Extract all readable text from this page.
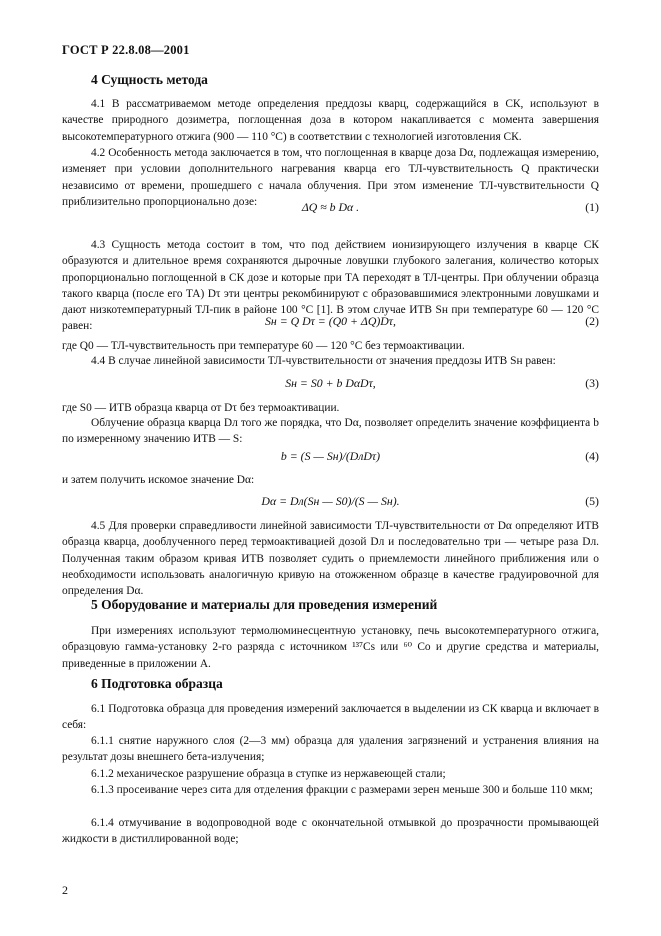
ГОСТ Р 22.8.08—2001
4 Сущность метода
4.1 В рассматриваемом методе определения преддозы кварц, содержащийся в СК, используют в качестве природного дозиметра, поглощенная доза в котором накапливается с момента завершения высокотемпературного отжига (900 — 110 °С) в соответствии с технологией изготовления СК.
4.2 Особенность метода заключается в том, что поглощенная в кварце доза Dα, подлежащая измерению, изменяет при условии дополнительного нагревания кварца его ТЛ-чувствительность Q практически независимо от времени, прошедшего с начала облучения. При этом изменение ТЛ-чувствительности Q приблизительно пропорционально дозе:	ΔQ ≈ b Dα .	(1)
4.3 Сущность метода состоит в том, что под действием ионизирующего излучения в кварце СК образуются и длительное время сохраняются дырочные ловушки глубокого залегания, количество которых пропорционально поглощенной в СК дозе и которые при ТА переходят в ТЛ-центры. При облучении образца такого кварца (после его ТА) Dτ эти центры рекомбинируют с образовавшимися электронными ловушками и дают низкотемпературный ТЛ-пик в районе 100 °С [1]. В этом случае ИТВ Sн при температуре 60 — 120 °С равен:	Sн = Q Dτ = (Q0 + ΔQ)Dτ,	(2)
где Q0 — ТЛ-чувствительность при температуре 60 — 120 °С без термоактивации.
4.4 В случае линейной зависимости ТЛ-чувствительности от значения преддозы ИТВ Sн равен:
Sн = S0 + b DαDτ,	(3)
где S0 — ИТВ образца кварца от Dτ без термоактивации.
Облучение образца кварца Dл того же порядка, что Dα, позволяет определить значение коэффициента b по измеренному значению ИТВ — S:
b = (S — Sн)/(DлDτ)	(4)
и затем получить искомое значение Dα:
Dα = Dл(Sн — S0)/(S — Sн).	(5)
4.5 Для проверки справедливости линейной зависимости ТЛ-чувствительности от Dα определяют ИТВ образца кварца, дооблученного перед термоактивацией дозой Dл и последовательно три — четыре раза Dл. Полученная таким образом кривая ИТВ позволяет судить о приемлемости линейного приближения или о необходимости использовать аналогичную кривую на отожженном образце в качестве градуировочной для определения Dα.
5 Оборудование и материалы для проведения измерений
При измерениях используют термолюминесцентную установку, печь высокотемпературного отжига, образцовую гамма-установку 2-го разряда с источником ¹³⁷Cs или ⁶⁰ Со и другие средства и материалы, приведенные в приложении А.
6 Подготовка образца
6.1 Подготовка образца для проведения измерений заключается в выделении из СК кварца и включает в себя:
6.1.1 снятие наружного слоя (2—3 мм) образца для удаления загрязнений и устранения влияния на результат дозы внешнего бета-излучения;
6.1.2 механическое разрушение образца в ступке из нержавеющей стали;
6.1.3 просеивание через сита для отделения фракции с размерами зерен меньше 300 и больше 110 мкм;
6.1.4 отмучивание в водопроводной воде с окончательной отмывкой до прозрачности промывающей жидкости в дистиллированной воде;
2
